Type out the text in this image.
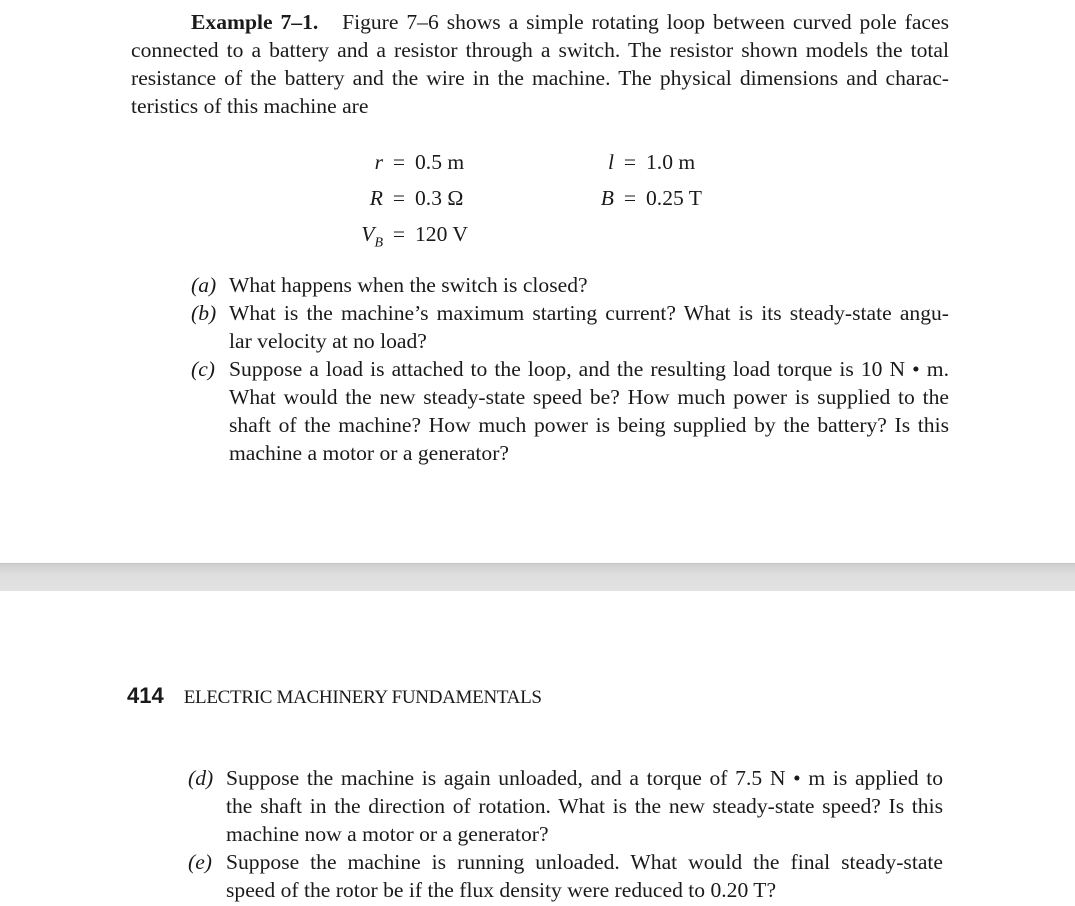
Example 7–1. Figure 7–6 shows a simple rotating loop between curved pole faces
connected to a battery and a resistor through a switch. The resistor shown models the total
resistance of the battery and the wire in the machine. The physical dimensions and charac-
teristics of this machine are

r = 0.5 m	l = 1.0 m
R = 0.3 Ω	B = 0.25 T
$V_B = 120$ V
(a) What happens when the switch is closed?
(b) What is the machine’s maximum starting current? What is its steady-state angu-
lar velocity at no load?
(c) Suppose a load is attached to the loop, and the resulting load torque is 10 N • m.
What would the new steady-state speed be? How much power is supplied to the
shaft of the machine? How much power is being supplied by the battery? Is this
machine a motor or a generator?
414 ELECTRIC MACHINERY FUNDAMENTALS
(d) Suppose the machine is again unloaded, and a torque of 7.5 N • m is applied to
the shaft in the direction of rotation. What is the new steady-state speed? Is this
machine now a motor or a generator?
(e) Suppose the machine is running unloaded. What would the final steady-state
speed of the rotor be if the flux density were reduced to 0.20 T?
